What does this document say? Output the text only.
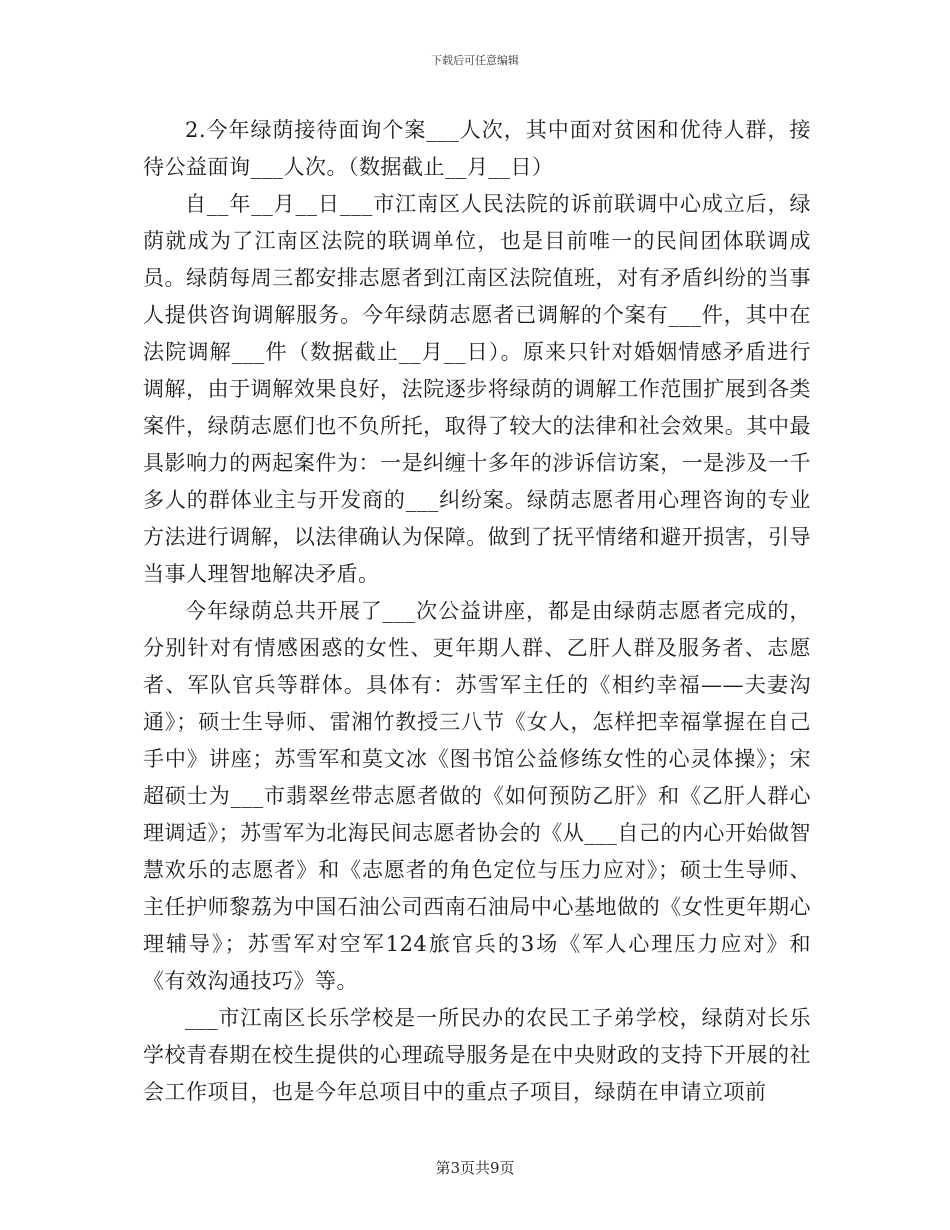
下载后可任意编辑

2.今年绿荫接待面询个案___人次，其中面对贫困和优待人群，接待公益面询___人次。（数据截止__月__日）

自__年__月__日___市江南区人民法院的诉前联调中心成立后，绿荫就成为了江南区法院的联调单位，也是目前唯一的民间团体联调成员。绿荫每周三都安排志愿者到江南区法院值班，对有矛盾纠纷的当事人提供咨询调解服务。今年绿荫志愿者已调解的个案有___件，其中在法院调解___件（数据截止__月__日）。原来只针对婚姻情感矛盾进行调解，由于调解效果良好，法院逐步将绿荫的调解工作范围扩展到各类案件，绿荫志愿们也不负所托，取得了较大的法律和社会效果。其中最具影响力的两起案件为：一是纠缠十多年的涉诉信访案，一是涉及一千多人的群体业主与开发商的___纠纷案。绿荫志愿者用心理咨询的专业方法进行调解，以法律确认为保障。做到了抚平情绪和避开损害，引导当事人理智地解决矛盾。

今年绿荫总共开展了___次公益讲座，都是由绿荫志愿者完成的，分别针对有情感困惑的女性、更年期人群、乙肝人群及服务者、志愿者、军队官兵等群体。具体有：苏雪军主任的《相约幸福——夫妻沟通》；硕士生导师、雷湘竹教授三八节《女人，怎样把幸福掌握在自己手中》讲座；苏雪军和莫文冰《图书馆公益修练女性的心灵体操》；宋超硕士为___市翡翠丝带志愿者做的《如何预防乙肝》和《乙肝人群心理调适》；苏雪军为北海民间志愿者协会的《从___自己的内心开始做智慧欢乐的志愿者》和《志愿者的角色定位与压力应对》；硕士生导师、主任护师黎荔为中国石油公司西南石油局中心基地做的《女性更年期心理辅导》；苏雪军对空军124旅官兵的3场《军人心理压力应对》和《有效沟通技巧》等。

___市江南区长乐学校是一所民办的农民工子弟学校，绿荫对长乐学校青春期在校生提供的心理疏导服务是在中央财政的支持下开展的社会工作项目，也是今年总项目中的重点子项目，绿荫在申请立项前

第3页共9页
